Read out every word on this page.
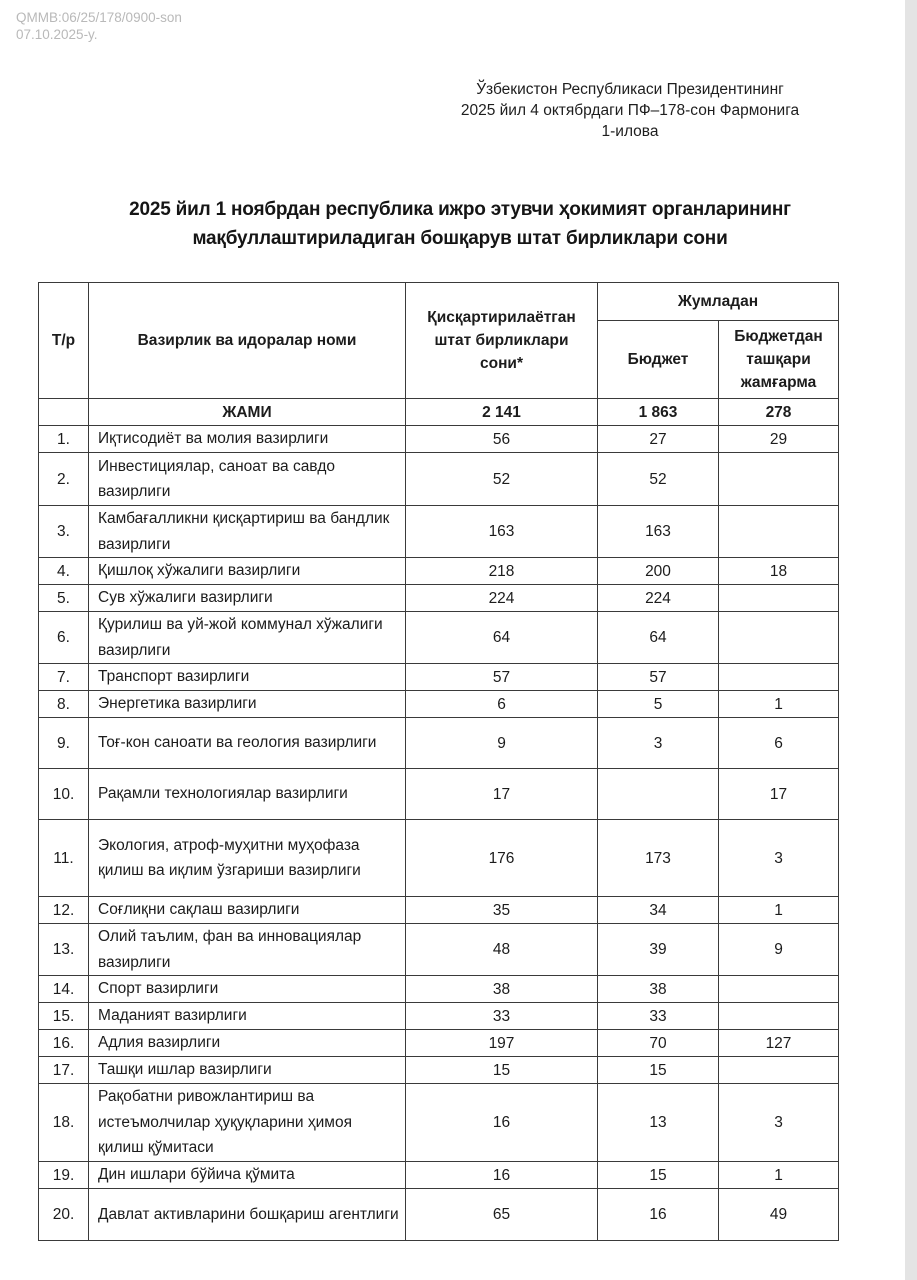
QMMB:06/25/178/0900-son
07.10.2025-y.
Ўзбекистон Республикаси Президентининг
2025 йил 4 октябрдаги ПФ–178-сон Фармонига
1-илова
2025 йил 1 ноябрдан республика ижро этувчи ҳокимият органларининг
мақбуллаштириладиган бошқарув штат бирликлари сони
Т/р	Вазирлик ва идоралар номи	Қисқартирилаётган штат бирликлари сони*	Жумладан	
			Бюджет	Бюджетдан ташқари жамғарма
	ЖАМИ	2 141	1 863	278
1.	Иқтисодиёт ва молия вазирлиги	56	27	29
2.	Инвестициялар, саноат ва савдо вазирлиги	52	52	
3.	Камбағалликни қисқартириш ва бандлик вазирлиги	163	163	
4.	Қишлоқ хўжалиги вазирлиги	218	200	18
5.	Сув хўжалиги вазирлиги	224	224	
6.	Қурилиш ва уй-жой коммунал хўжалиги вазирлиги	64	64	
7.	Транспорт вазирлиги	57	57	
8.	Энергетика вазирлиги	6	5	1
9.	Тоғ-кон саноати ва геология вазирлиги	9	3	6
10.	Рақамли технологиялар вазирлиги	17		17
11.	Экология, атроф-муҳитни муҳофаза қилиш ва иқлим ўзгариши вазирлиги	176	173	3
12.	Соғлиқни сақлаш вазирлиги	35	34	1
13.	Олий таълим, фан ва инновациялар вазирлиги	48	39	9
14.	Спорт вазирлиги	38	38	
15.	Маданият вазирлиги	33	33	
16.	Адлия вазирлиги	197	70	127
17.	Ташқи ишлар вазирлиги	15	15	
18.	Рақобатни ривожлантириш ва истеъмолчилар ҳуқуқларини ҳимоя қилиш қўмитаси	16	13	3
19.	Дин ишлари бўйича қўмита	16	15	1
20.	Давлат активларини бошқариш агентлиги	65	16	49
